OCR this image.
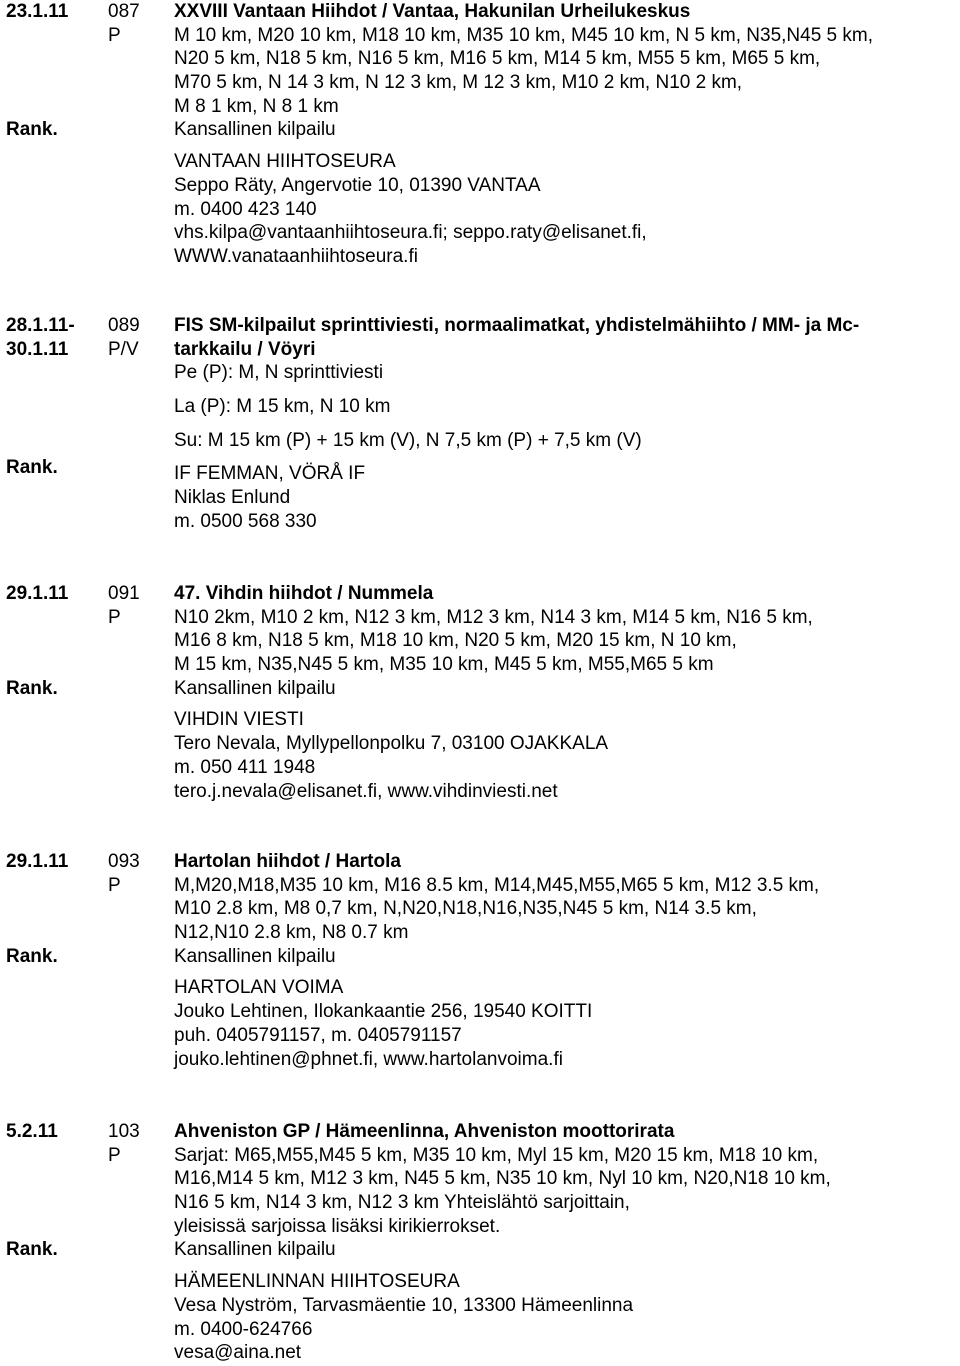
23.1.11
Rank.
087
P
XXVIII Vantaan Hiihdot / Vantaa, Hakunilan Urheilukeskus
M 10 km, M20 10 km, M18 10 km, M35 10 km, M45 10 km, N 5 km, N35,N45 5 km,
N20 5 km, N18 5 km, N16 5 km, M16 5 km, M14 5 km, M55 5 km, M65 5 km,
M70 5 km, N 14 3 km, N 12 3 km, M 12 3 km, M10 2 km, N10 2 km,
M 8 1 km, N 8 1 km
Kansallinen kilpailu
VANTAAN HIIHTOSEURA
Seppo Räty, Angervotie 10, 01390 VANTAA
m. 0400 423 140
vhs.kilpa@vantaanhiihtoseura.fi; seppo.raty@elisanet.fi,
WWW.vanataanhiihtoseura.fi
28.1.11-
30.1.11
Rank.
089
P/V
FIS SM-kilpailut sprinttiviesti, normaalimatkat, yhdistelmähiihto / MM- ja Mc-
tarkkailu / Vöyri
Pe (P): M, N sprinttiviesti
La (P): M 15 km, N 10 km
Su: M 15 km (P) + 15 km (V), N 7,5 km (P) + 7,5 km (V)
IF FEMMAN, VÖRÅ IF
Niklas Enlund
m. 0500 568 330
29.1.11
Rank.
091
P
47. Vihdin hiihdot / Nummela
N10 2km, M10 2 km, N12 3 km, M12 3 km, N14 3 km, M14 5 km, N16 5 km,
M16 8 km, N18 5 km, M18 10 km, N20 5 km, M20 15 km, N 10 km,
M 15 km, N35,N45 5 km, M35 10 km, M45 5 km, M55,M65 5 km
Kansallinen kilpailu
VIHDIN VIESTI
Tero Nevala, Myllypellonpolku 7, 03100 OJAKKALA
m. 050 411 1948
tero.j.nevala@elisanet.fi, www.vihdinviesti.net
29.1.11
Rank.
093
P
Hartolan hiihdot / Hartola
M,M20,M18,M35 10 km, M16 8.5 km, M14,M45,M55,M65 5 km, M12 3.5 km,
M10 2.8 km, M8 0,7 km, N,N20,N18,N16,N35,N45 5 km, N14 3.5 km,
N12,N10 2.8 km, N8 0.7 km
Kansallinen kilpailu
HARTOLAN VOIMA
Jouko Lehtinen, Ilokankaantie 256, 19540 KOITTI
puh. 0405791157, m. 0405791157
jouko.lehtinen@phnet.fi, www.hartolanvoima.fi
5.2.11
Rank.
103
P
Ahveniston GP / Hämeenlinna, Ahveniston moottorirata
Sarjat: M65,M55,M45 5 km, M35 10 km, Myl 15 km, M20 15 km, M18 10 km,
M16,M14 5 km, M12 3 km, N45 5 km, N35 10 km, Nyl 10 km, N20,N18 10 km,
N16 5 km, N14 3 km, N12 3 km Yhteislähtö sarjoittain,
yleisissä sarjoissa lisäksi kirikierrokset.
Kansallinen kilpailu
HÄMEENLINNAN HIIHTOSEURA
Vesa Nyström, Tarvasmäentie 10, 13300 Hämeenlinna
m. 0400-624766
vesa@aina.net
